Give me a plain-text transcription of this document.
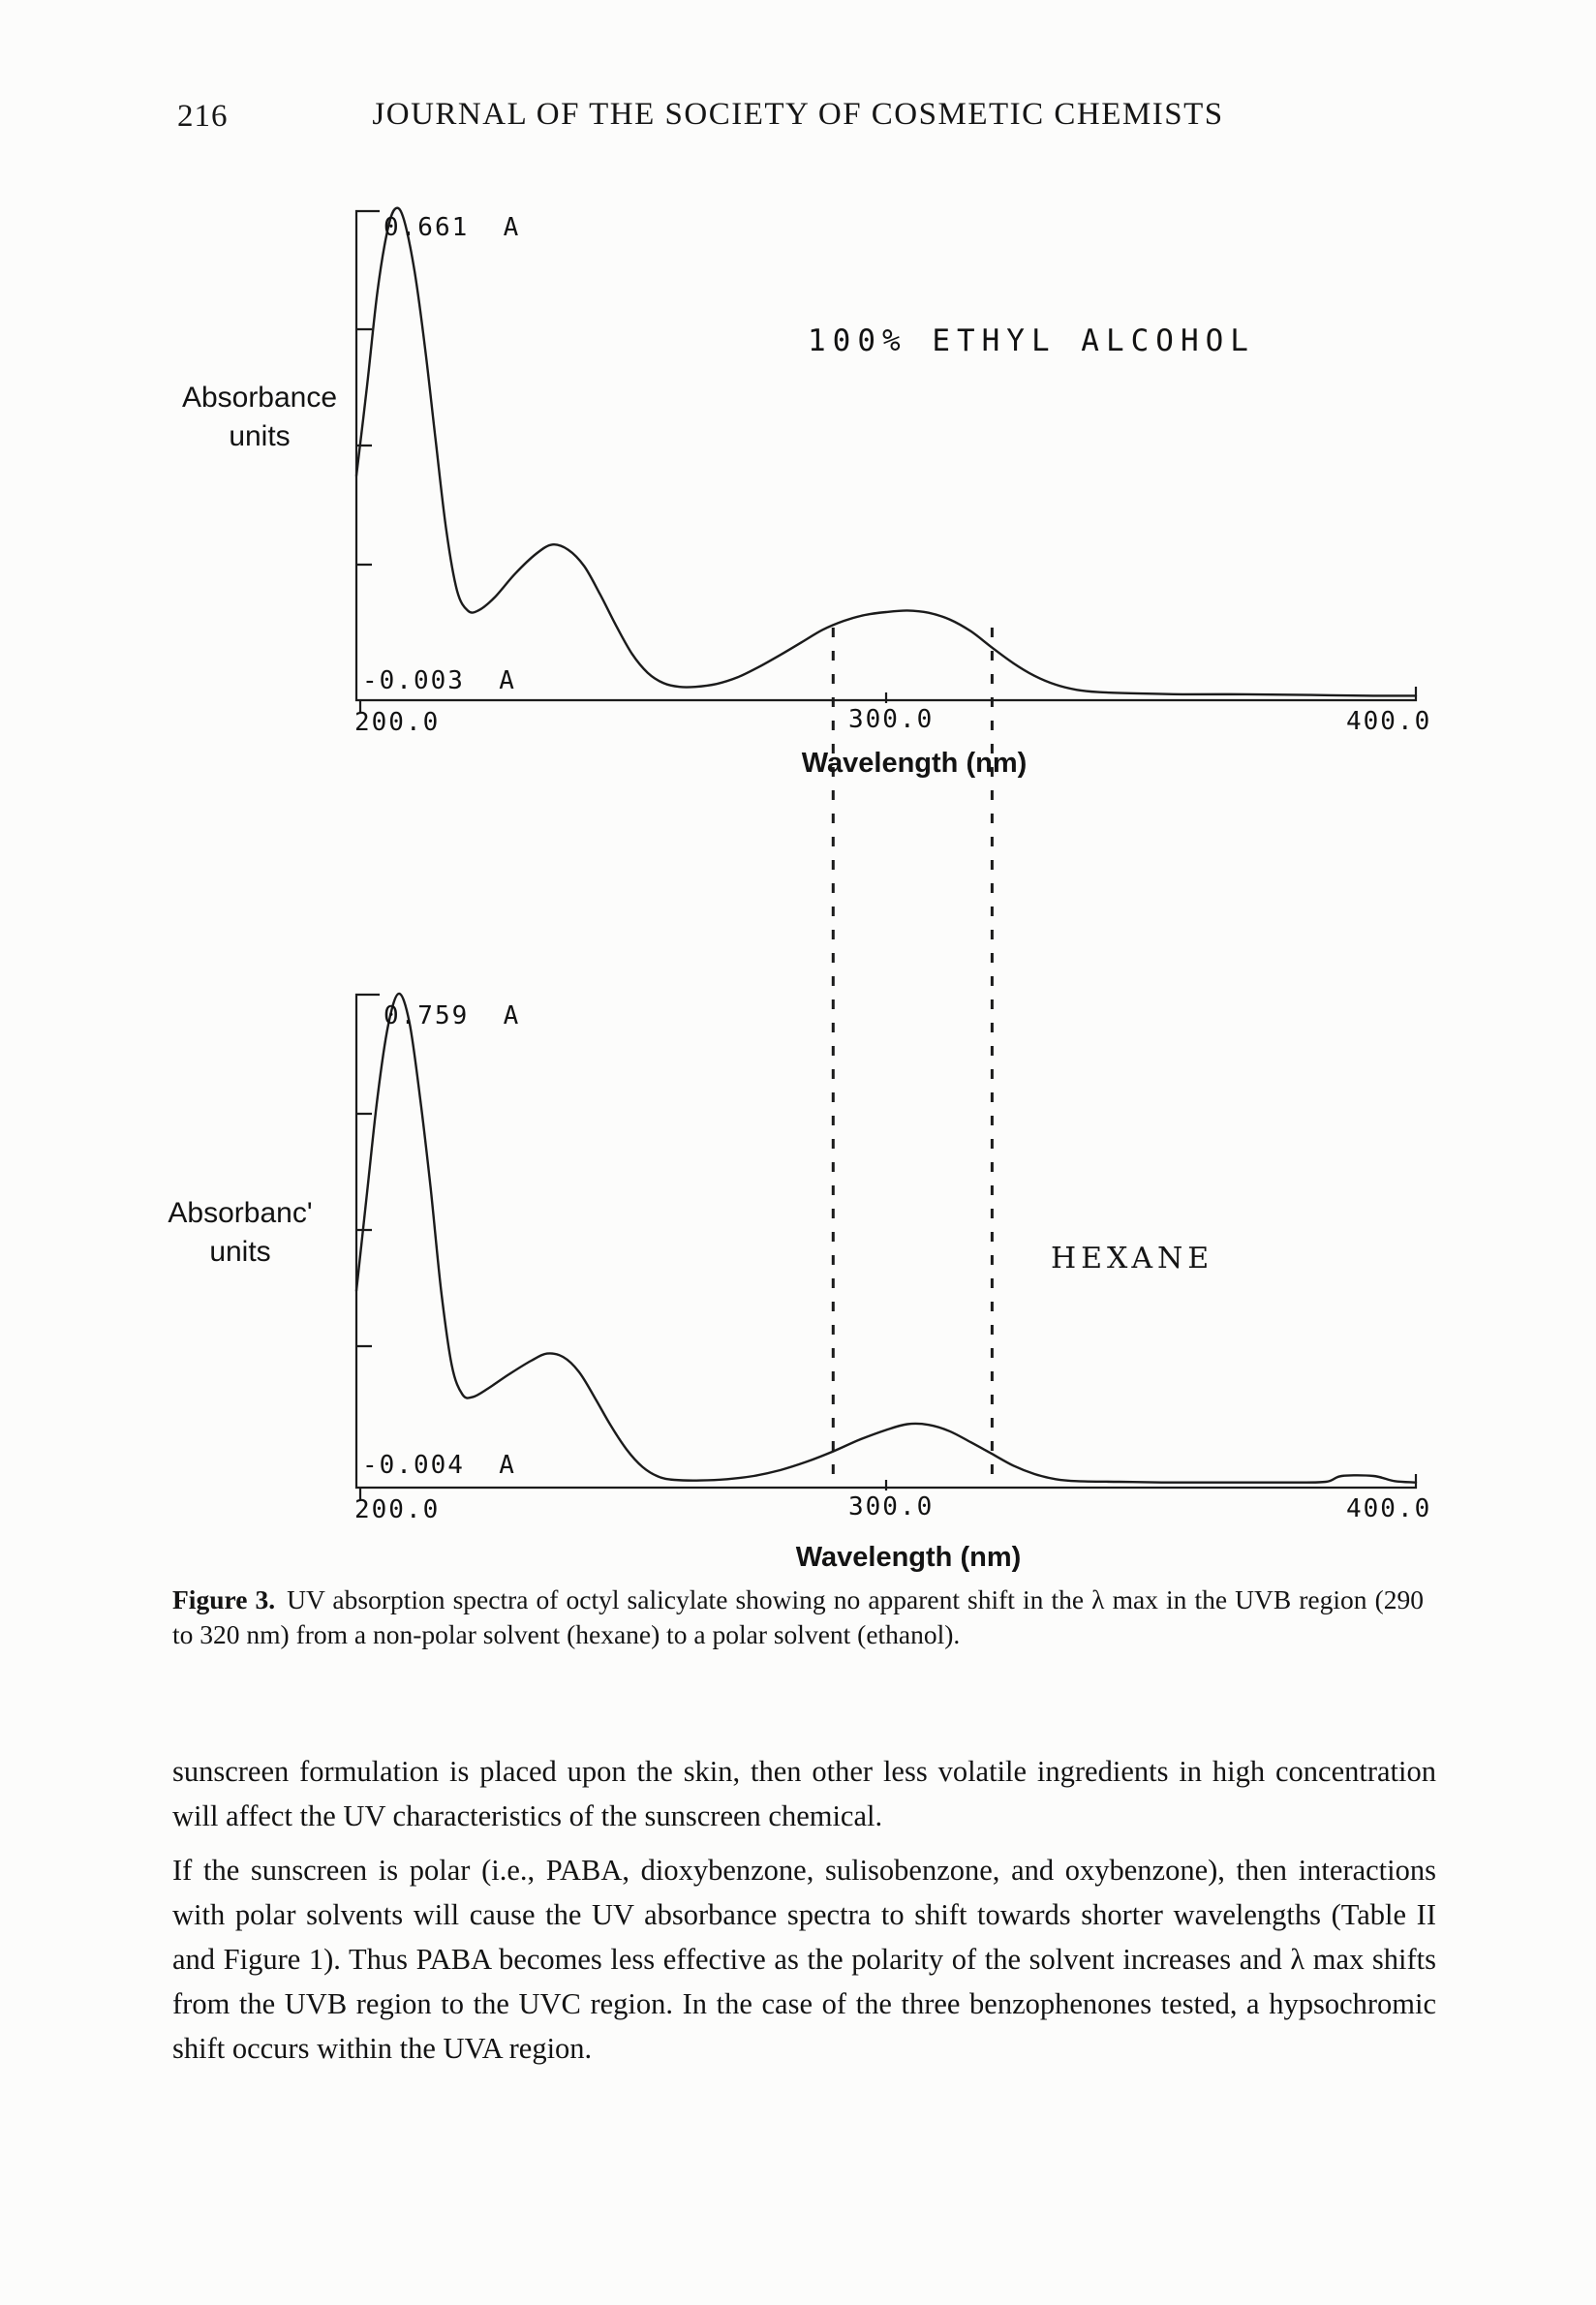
216	JOURNAL OF THE SOCIETY OF COSMETIC CHEMISTS
0.661  A
100% ETHYL ALCOHOL
Absorbance
units
-0.003  A
200.0	300.0	400.0
Wavelength (nm)
0.759  A
HEXANE
Absorbanc'
units
-0.004  A
200.0	300.0	400.0
Wavelength (nm)
Figure 3. UV absorption spectra of octyl salicylate showing no apparent shift in the λ max in the UVB region (290 to 320 nm) from a non-polar solvent (hexane) to a polar solvent (ethanol).

sunscreen formulation is placed upon the skin, then other less volatile ingredients in high concentration will affect the UV characteristics of the sunscreen chemical.

If the sunscreen is polar (i.e., PABA, dioxybenzone, sulisobenzone, and oxybenzone), then interactions with polar solvents will cause the UV absorbance spectra to shift towards shorter wavelengths (Table II and Figure 1). Thus PABA becomes less effective as the polarity of the solvent increases and λ max shifts from the UVB region to the UVC region. In the case of the three benzophenones tested, a hypsochromic shift occurs within the UVA region.
